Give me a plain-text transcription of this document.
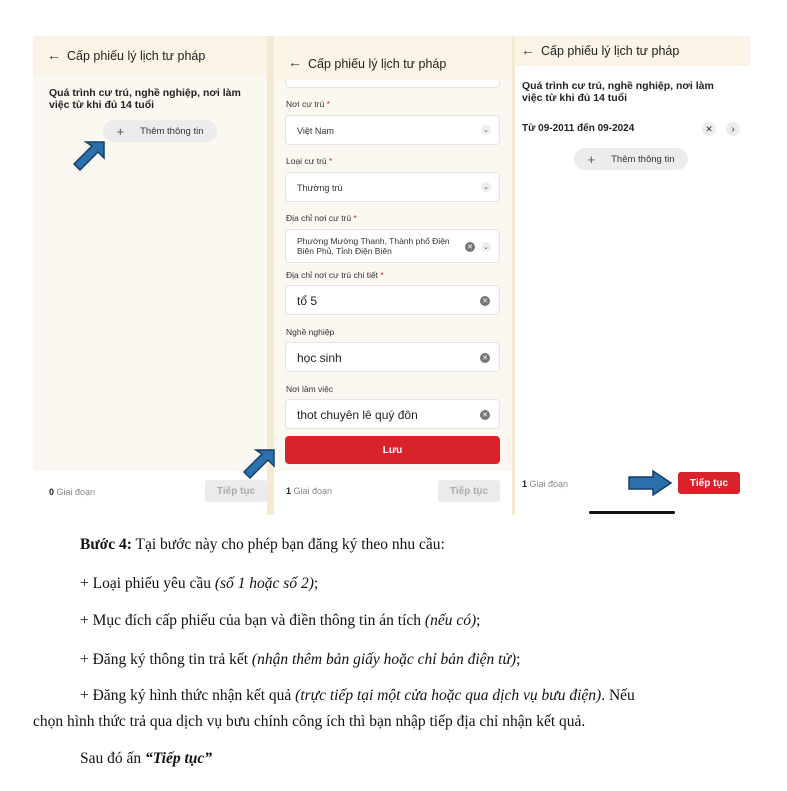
← Cấp phiếu lý lịch tư pháp
Quá trình cư trú, nghề nghiệp, nơi làm việc từ khi đủ 14 tuổi
+ Thêm thông tin
0 Giai đoạn	Tiếp tục
← Cấp phiếu lý lịch tư pháp
Nơi cư trú *
Việt Nam	⌄
Loại cư trú *
Thường trú	⌄
Địa chỉ nơi cư trú *
Phường Mường Thanh, Thành phố Điện Biên Phủ, Tỉnh Điện Biên	✕ ⌄
Địa chỉ nơi cư trú chi tiết *
tổ 5	✕
Nghề nghiệp
học sinh	✕
Nơi làm việc
thot chuyên lê quý đôn	✕
Lưu
1 Giai đoạn	Tiếp tục
← Cấp phiếu lý lịch tư pháp
Quá trình cư trú, nghề nghiệp, nơi làm việc từ khi đủ 14 tuổi
Từ 09-2011 đến 09-2024	✕	›
+ Thêm thông tin
1 Giai đoạn	Tiếp tục

Bước 4: Tại bước này cho phép bạn đăng ký theo nhu cầu:

+ Loại phiếu yêu cầu (số 1 hoặc số 2);

+ Mục đích cấp phiếu của bạn và điền thông tin án tích (nếu có);

+ Đăng ký thông tin trả kết (nhận thêm bản giấy hoặc chỉ bản điện tử);

+ Đăng ký hình thức nhận kết quả (trực tiếp tại một cửa hoặc qua dịch vụ bưu điện). Nếu

chọn hình thức trả qua dịch vụ bưu chính công ích thì bạn nhập tiếp địa chỉ nhận kết quả.

Sau đó ấn “Tiếp tục”
